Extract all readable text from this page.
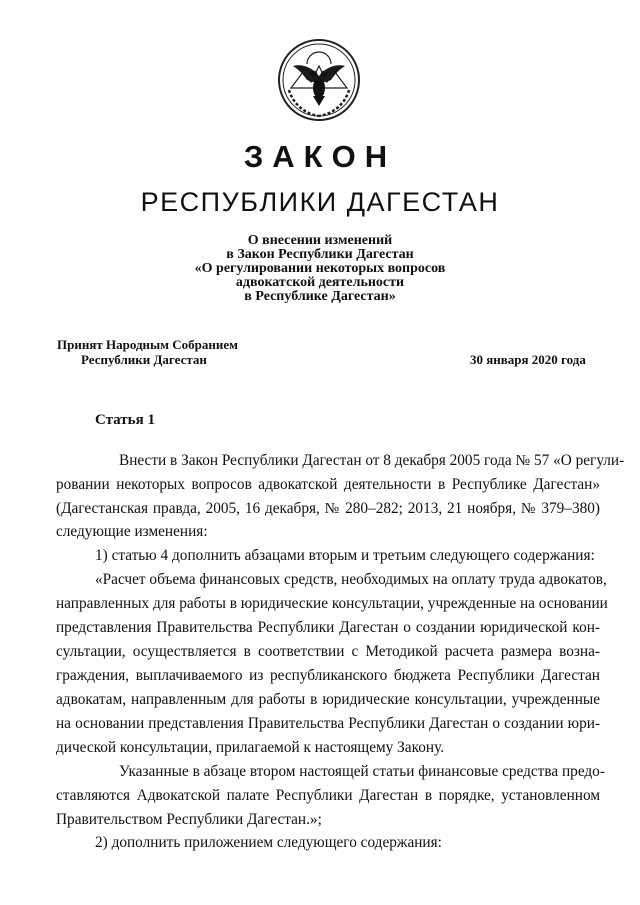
ЗАКОН
РЕСПУБЛИКИ ДАГЕСТАН
О внесении изменений
в Закон Республики Дагестан
«О регулировании некоторых вопросов
адвокатской деятельности
в Республике Дагестан»
Принят Народным Собранием
Республики Дагестан	30 января 2020 года
Статья 1
Внести в Закон Республики Дагестан от 8 декабря 2005 года № 57 «О регули-
ровании некоторых вопросов адвокатской деятельности в Республике Дагестан»
(Дагестанская правда, 2005, 16 декабря, № 280–282; 2013, 21 ноября, № 379–380)
следующие изменения:
1) статью 4 дополнить абзацами вторым и третьим следующего содержания:
«Расчет объема финансовых средств, необходимых на оплату труда адвокатов,
направленных для работы в юридические консультации, учрежденные на основании
представления Правительства Республики Дагестан о создании юридической кон-
сультации, осуществляется в соответствии с Методикой расчета размера возна-
граждения, выплачиваемого из республиканского бюджета Республики Дагестан
адвокатам, направленным для работы в юридические консультации, учрежденные
на основании представления Правительства Республики Дагестан о создании юри-
дической консультации, прилагаемой к настоящему Закону.
Указанные в абзаце втором настоящей статьи финансовые средства предо-
ставляются Адвокатской палате Республики Дагестан в порядке, установленном
Правительством Республики Дагестан.»;
2) дополнить приложением следующего содержания:
